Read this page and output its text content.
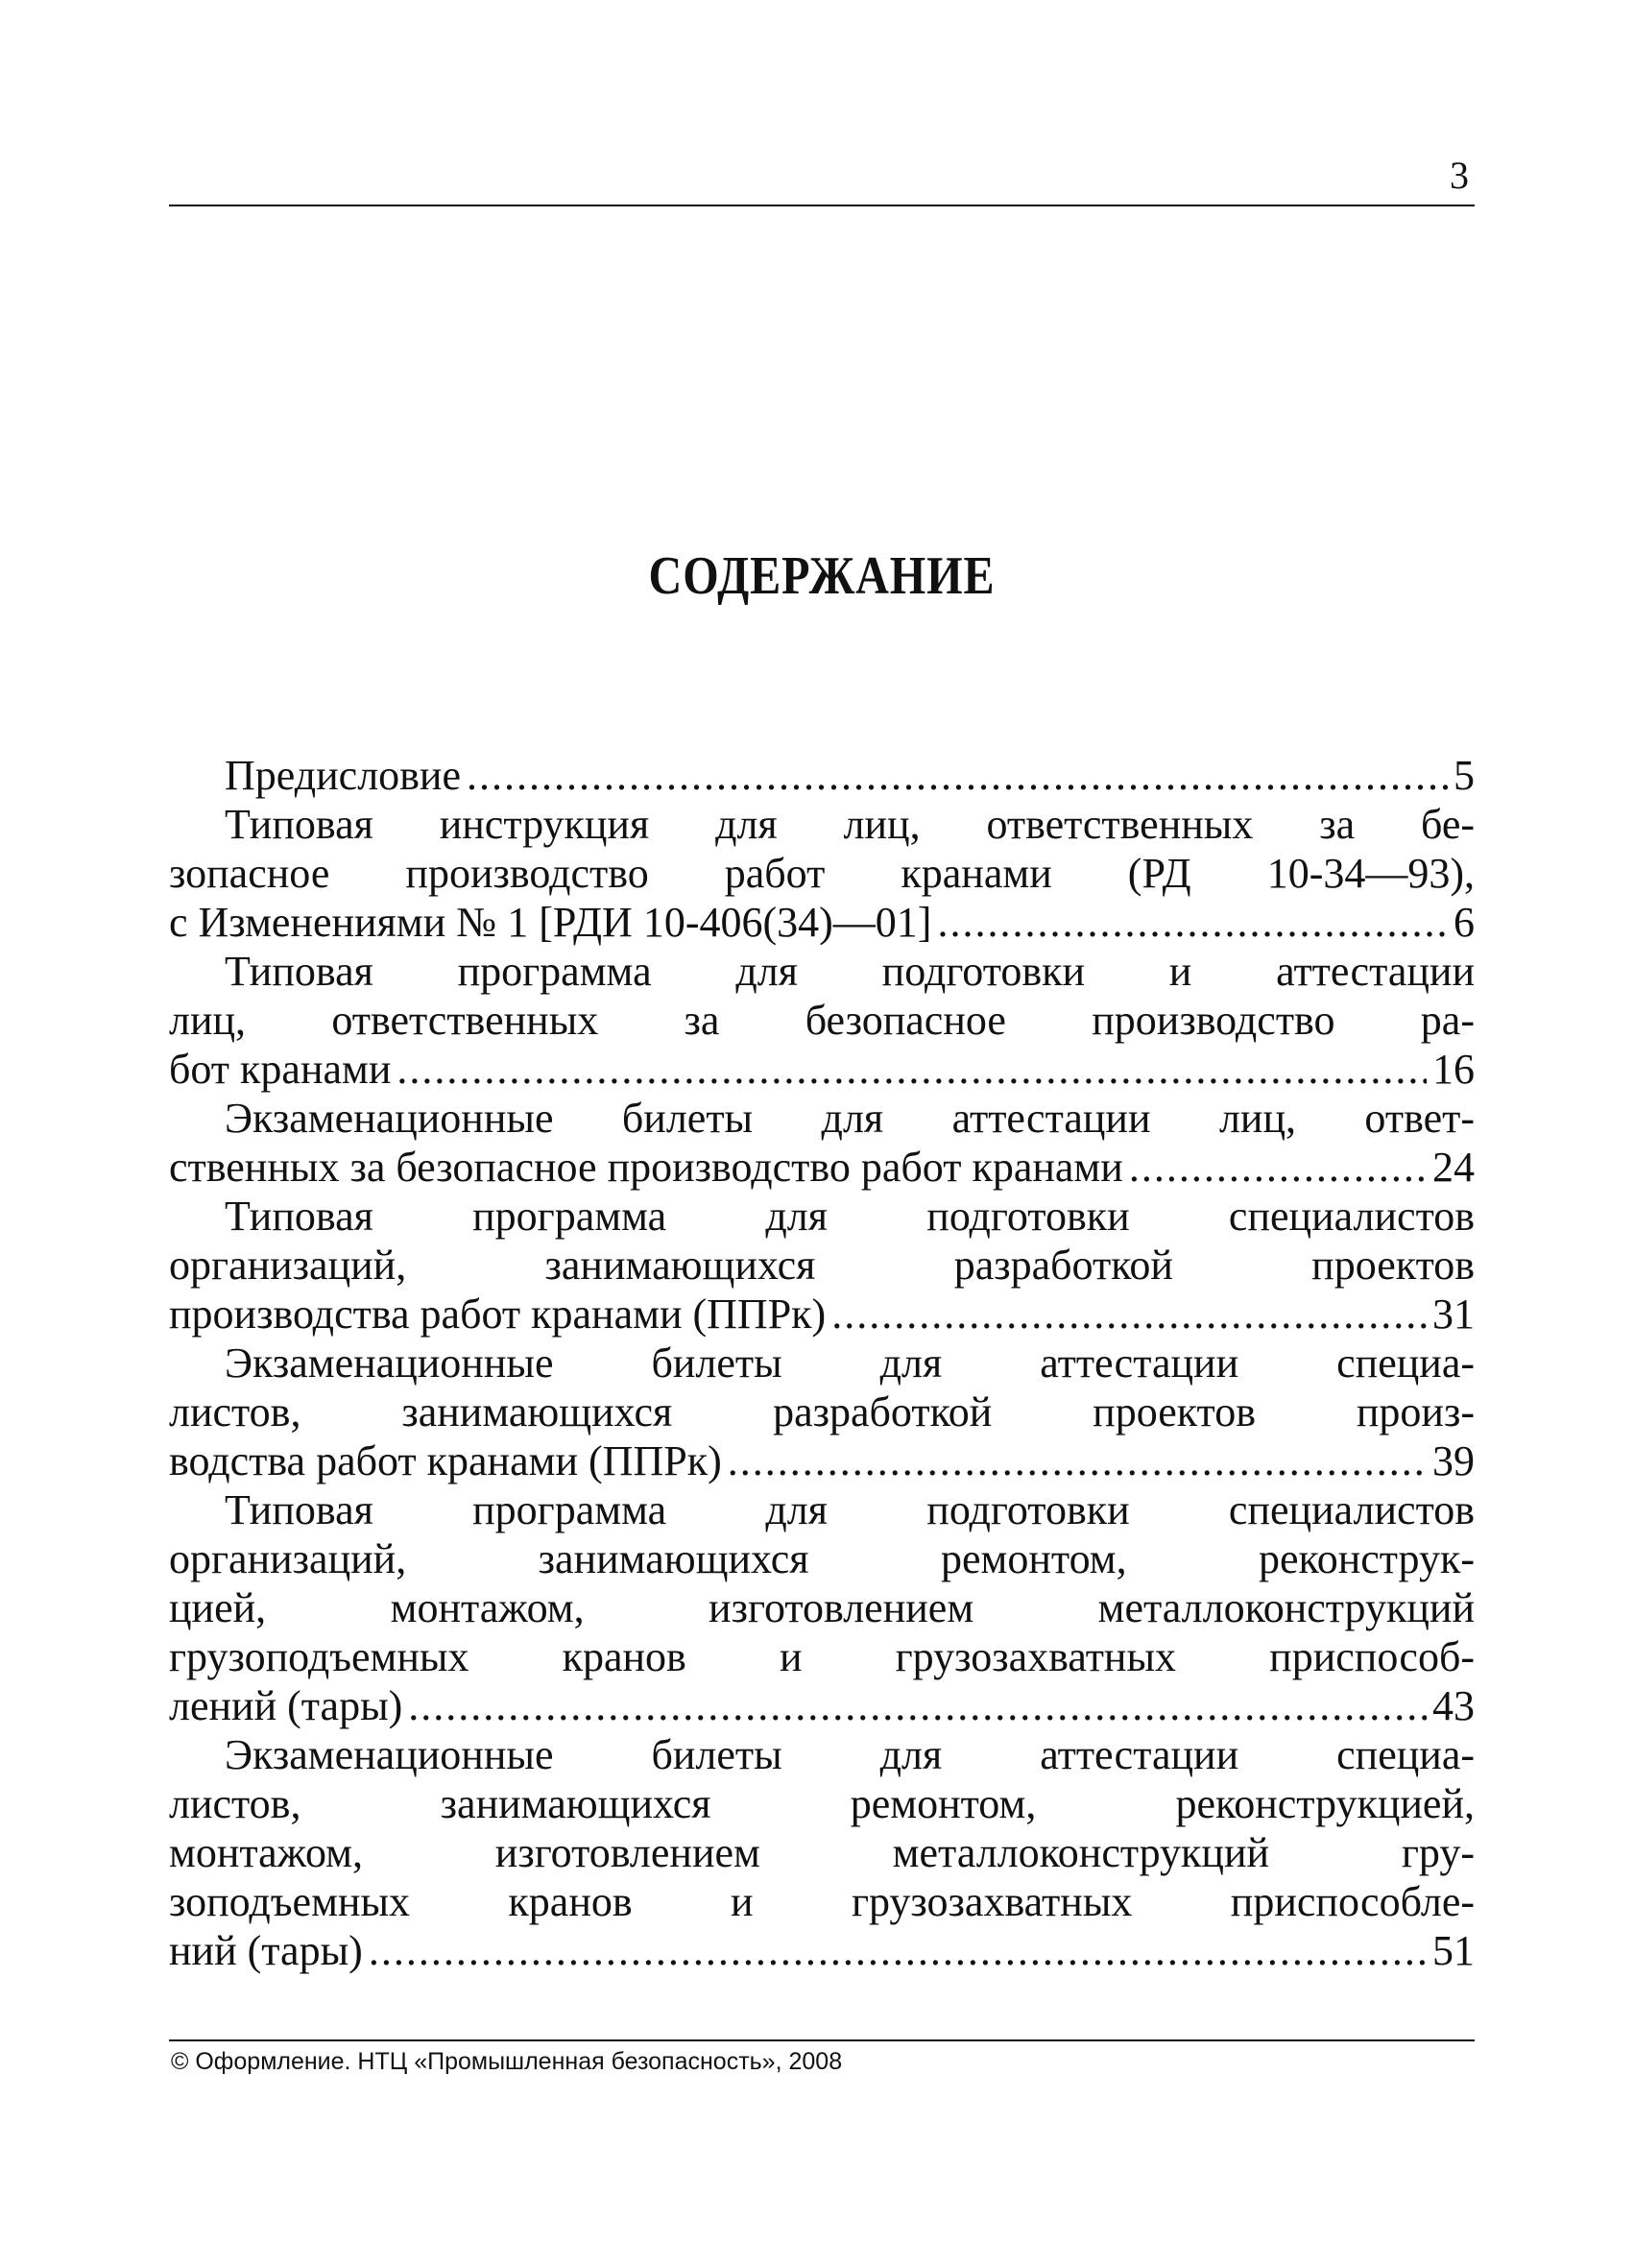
3
СОДЕРЖАНИЕ
Предисловие .....	5
Типовая инструкция для лиц, ответственных за бе-
зопасное производство работ кранами (РД 10-34—93),
с Изменениями № 1 [РДИ 10-406(34)—01] .....	6
Типовая программа для подготовки и аттестации
лиц, ответственных за безопасное производство ра-
бот кранами .....	16
Экзаменационные билеты для аттестации лиц, ответ-
ственных за безопасное производство работ кранами .....	24
Типовая программа для подготовки специалистов
организаций, занимающихся разработкой проектов
производства работ кранами (ППРк) .....	31
Экзаменационные билеты для аттестации специа-
листов, занимающихся разработкой проектов произ-
водства работ кранами (ППРк) .....	39
Типовая программа для подготовки специалистов
организаций, занимающихся ремонтом, реконструк-
цией, монтажом, изготовлением металлоконструкций
грузоподъемных кранов и грузозахватных приспособ-
лений (тары) .....	43
Экзаменационные билеты для аттестации специа-
листов, занимающихся ремонтом, реконструкцией,
монтажом, изготовлением металлоконструкций гру-
зоподъемных кранов и грузозахватных приспособле-
ний (тары) .....	51
© Оформление. НТЦ «Промышленная безопасность», 2008
